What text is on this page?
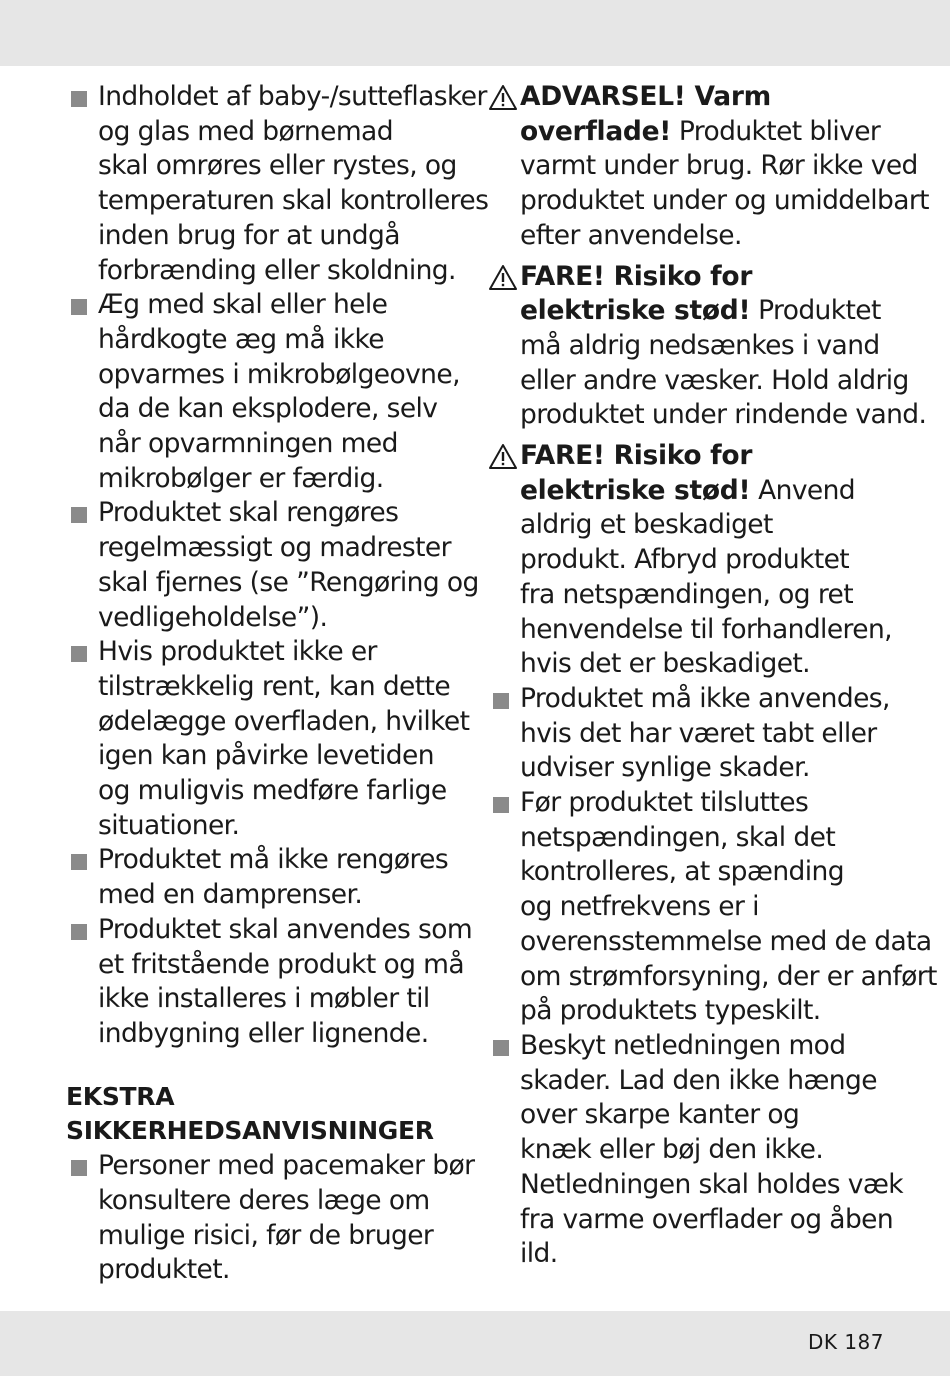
Indholdet af baby-/sutteflasker
og glas med børnemad
skal omrøres eller rystes, og
temperaturen skal kontrolleres
inden brug for at undgå
forbrænding eller skoldning.
Æg med skal eller hele
hårdkogte æg må ikke
opvarmes i mikrobølgeovne,
da de kan eksplodere, selv
når opvarmningen med
mikrobølger er færdig.
Produktet skal rengøres
regelmæssigt og madrester
skal fjernes (se ”Rengøring og
vedligeholdelse”).
Hvis produktet ikke er
tilstrækkelig rent, kan dette
ødelægge overfladen, hvilket
igen kan påvirke levetiden
og muligvis medføre farlige
situationer.
Produktet må ikke rengøres
med en damprenser.
Produktet skal anvendes som
et fritstående produkt og må
ikke installeres i møbler til
indbygning eller lignende.
EKSTRA
SIKKERHEDSANVISNINGER
Personer med pacemaker bør
konsultere deres læge om
mulige risici, før de bruger
produktet.
ADVARSEL! Varm
overflade! Produktet bliver
varmt under brug. Rør ikke ved
produktet under og umiddelbart
efter anvendelse.
FARE! Risiko for
elektriske stød! Produktet
må aldrig nedsænkes i vand
eller andre væsker. Hold aldrig
produktet under rindende vand.
FARE! Risiko for
elektriske stød! Anvend
aldrig et beskadiget
produkt. Afbryd produktet
fra netspændingen, og ret
henvendelse til forhandleren,
hvis det er beskadiget.
Produktet må ikke anvendes,
hvis det har været tabt eller
udviser synlige skader.
Før produktet tilsluttes
netspændingen, skal det
kontrolleres, at spænding
og netfrekvens er i
overensstemmelse med de data
om strømforsyning, der er anført
på produktets typeskilt.
Beskyt netledningen mod
skader. Lad den ikke hænge
over skarpe kanter og
knæk eller bøj den ikke.
Netledningen skal holdes væk
fra varme overflader og åben
ild.
DK 187
